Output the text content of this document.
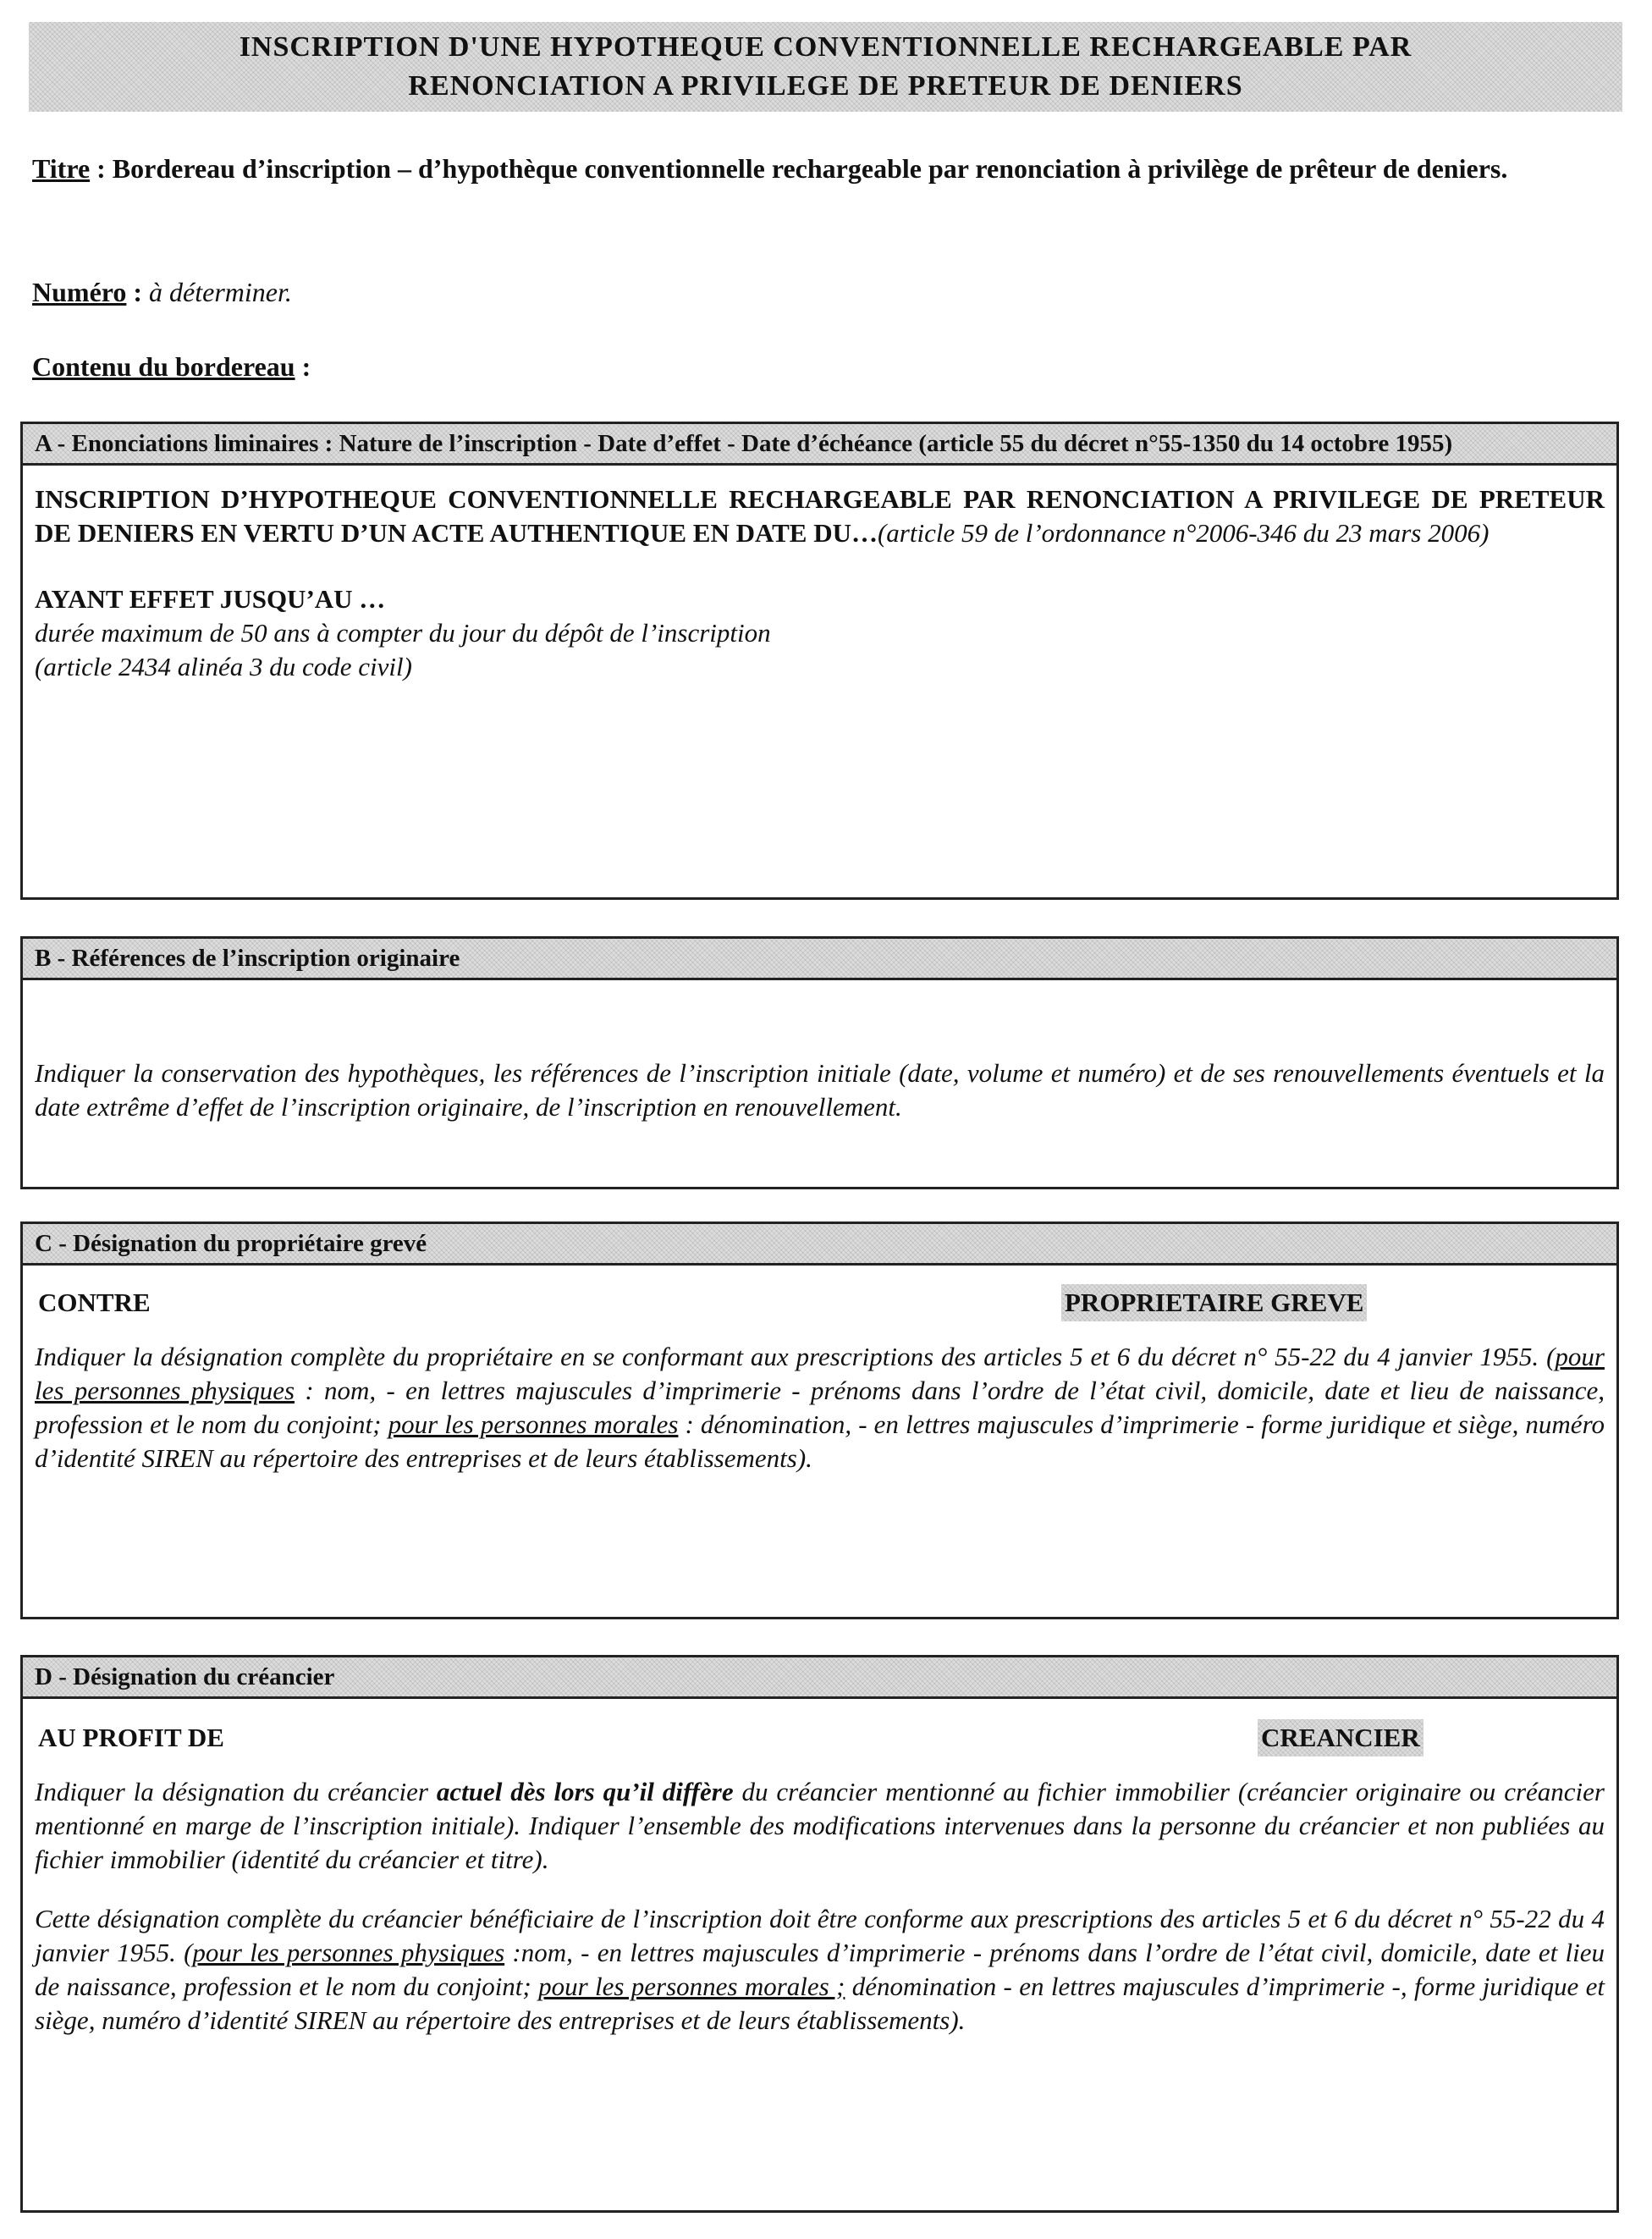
INSCRIPTION D'UNE HYPOTHEQUE CONVENTIONNELLE RECHARGEABLE PAR
RENONCIATION A PRIVILEGE DE PRETEUR DE DENIERS
Titre : Bordereau d’inscription – d’hypothèque conventionnelle rechargeable par renonciation à privilège de prêteur de deniers.
Numéro : à déterminer.
Contenu du bordereau :
A - Enonciations liminaires : Nature de l’inscription - Date d’effet - Date d’échéance (article 55 du décret n°55-1350 du 14 octobre 1955)
INSCRIPTION D’HYPOTHEQUE CONVENTIONNELLE RECHARGEABLE PAR RENONCIATION A PRIVILEGE DE PRETEUR DE DENIERS EN VERTU D’UN ACTE AUTHENTIQUE EN DATE DU…(article 59 de l’ordonnance n°2006-346 du 23 mars 2006)
AYANT EFFET JUSQU’AU …
durée maximum de 50 ans à compter du jour du dépôt de l’inscription
(article 2434 alinéa 3 du code civil)
B - Références de l’inscription originaire
Indiquer la conservation des hypothèques, les références de l’inscription initiale (date, volume et numéro) et de ses renouvellements éventuels et la date extrême d’effet de l’inscription originaire, de l’inscription en renouvellement.
C - Désignation du propriétaire grevé
CONTRE	PROPRIETAIRE GREVE
Indiquer la désignation complète du propriétaire en se conformant aux prescriptions des articles 5 et 6 du décret n° 55-22 du 4 janvier 1955. (pour les personnes physiques : nom, - en lettres majuscules d’imprimerie - prénoms dans l’ordre de l’état civil, domicile, date et lieu de naissance, profession et le nom du conjoint; pour les personnes morales : dénomination, - en lettres majuscules d’imprimerie - forme juridique et siège, numéro d’identité SIREN au répertoire des entreprises et de leurs établissements).
D - Désignation du créancier
AU PROFIT DE	CREANCIER
Indiquer la désignation du créancier actuel dès lors qu’il diffère du créancier mentionné au fichier immobilier (créancier originaire ou créancier mentionné en marge de l’inscription initiale). Indiquer l’ensemble des modifications intervenues dans la personne du créancier et non publiées au fichier immobilier (identité du créancier et titre).
Cette désignation complète du créancier bénéficiaire de l’inscription doit être conforme aux prescriptions des articles 5 et 6 du décret n° 55-22 du 4 janvier 1955. (pour les personnes physiques :nom, - en lettres majuscules d’imprimerie - prénoms dans l’ordre de l’état civil, domicile, date et lieu de naissance, profession et le nom du conjoint; pour les personnes morales ; dénomination - en lettres majuscules d’imprimerie -, forme juridique et siège, numéro d’identité SIREN au répertoire des entreprises et de leurs établissements).
